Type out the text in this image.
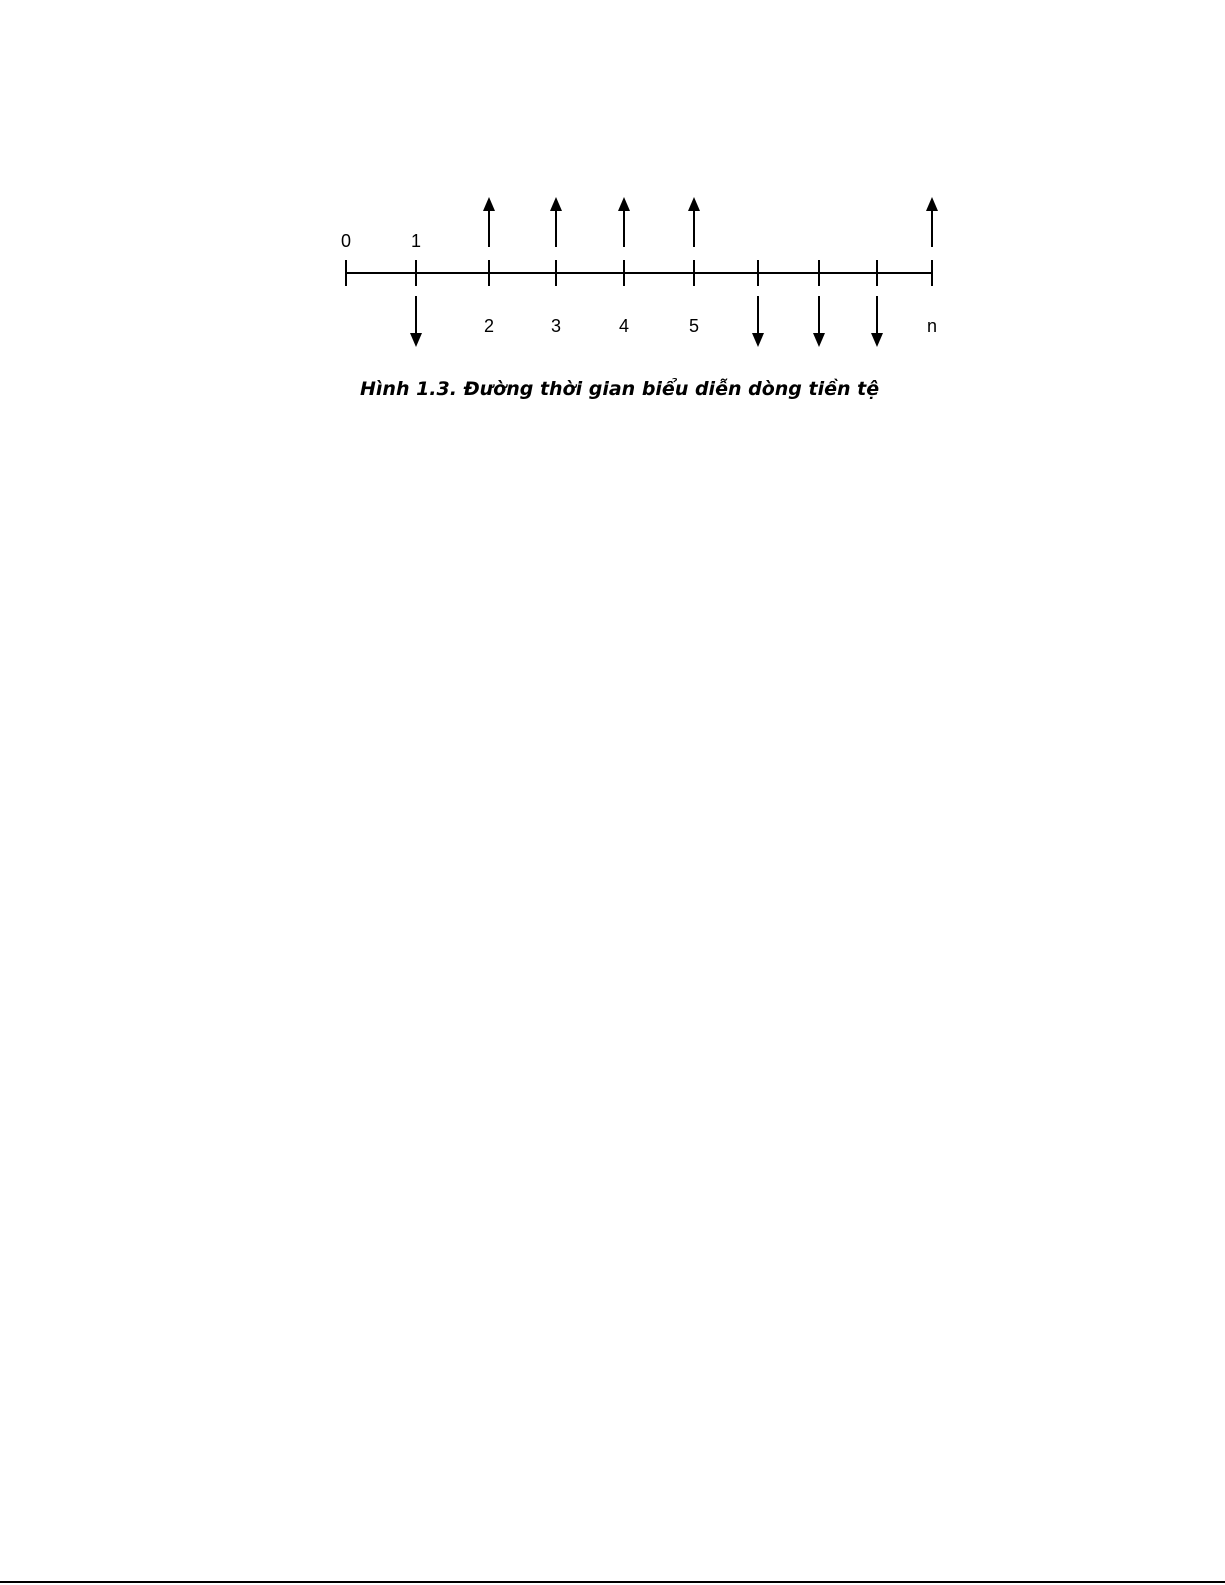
0	1
2	3	4	5	n

Hình 1.3. Đường thời gian biểu diễn dòng tiền tệ
